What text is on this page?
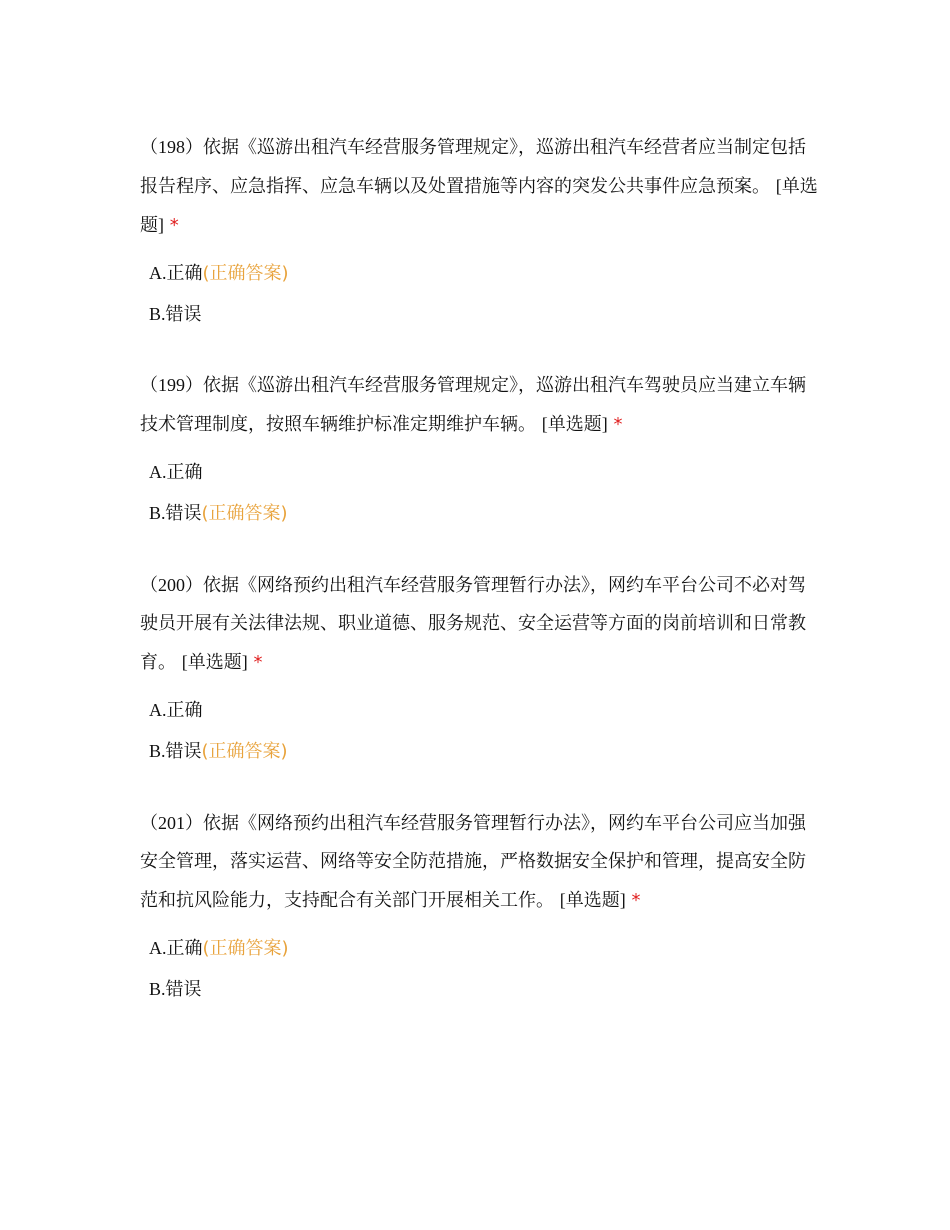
（198）依据《巡游出租汽车经营服务管理规定》，巡游出租汽车经营者应当制定包括报告程序、应急指挥、应急车辆以及处置措施等内容的突发公共事件应急预案。 [单选题] *

A.正确(正确答案)
B.错误

（199）依据《巡游出租汽车经营服务管理规定》，巡游出租汽车驾驶员应当建立车辆技术管理制度，按照车辆维护标准定期维护车辆。 [单选题] *

A.正确
B.错误(正确答案)

（200）依据《网络预约出租汽车经营服务管理暂行办法》，网约车平台公司不必对驾驶员开展有关法律法规、职业道德、服务规范、安全运营等方面的岗前培训和日常教育。 [单选题] *

A.正确
B.错误(正确答案)

（201）依据《网络预约出租汽车经营服务管理暂行办法》，网约车平台公司应当加强安全管理，落实运营、网络等安全防范措施，严格数据安全保护和管理，提高安全防范和抗风险能力，支持配合有关部门开展相关工作。 [单选题] *

A.正确(正确答案)
B.错误
